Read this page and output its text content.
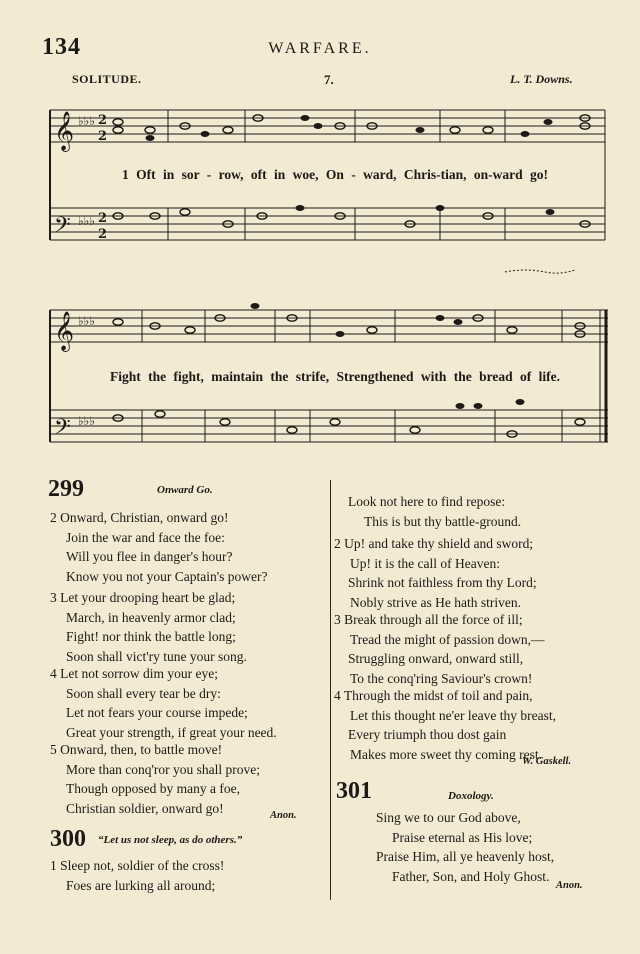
134	WARFARE.
SOLITUDE.	7.	L. T. Downs.
𝄞
𝄢
𝄞
𝄢
♭♭♭
♭♭♭
♭♭♭
♭♭♭
2
2
2
2
1 Oft in sor - row, oft in woe, On - ward, Chris-tian, on-ward go!
Fight the fight, maintain the strife, Strengthened with the bread of life.
299	Onward Go.
2 Onward, Christian, onward go!
Join the war and face the foe:
Will you flee in danger's hour?
Know you not your Captain's power?
3 Let your drooping heart be glad;
March, in heavenly armor clad;
Fight! nor think the battle long;
Soon shall vict'ry tune your song.
4 Let not sorrow dim your eye;
Soon shall every tear be dry:
Let not fears your course impede;
Great your strength, if great your need.
5 Onward, then, to battle move!
More than conq'ror you shall prove;
Though opposed by many a foe,
Christian soldier, onward go!	Anon.
300 “Let us not sleep, as do others.”
1 Sleep not, soldier of the cross!
Foes are lurking all around;
Look not here to find repose:
This is but thy battle-ground.
2 Up! and take thy shield and sword;
Up! it is the call of Heaven:
Shrink not faithless from thy Lord;
Nobly strive as He hath striven.
3 Break through all the force of ill;
Tread the might of passion down,—
Struggling onward, onward still,
To the conq'ring Saviour's crown!
4 Through the midst of toil and pain,
Let this thought ne'er leave thy breast,
Every triumph thou dost gain
Makes more sweet thy coming rest.
W. Gaskell.
301	Doxology.
Sing we to our God above,
Praise eternal as His love;
Praise Him, all ye heavenly host,
Father, Son, and Holy Ghost.
Anon.
